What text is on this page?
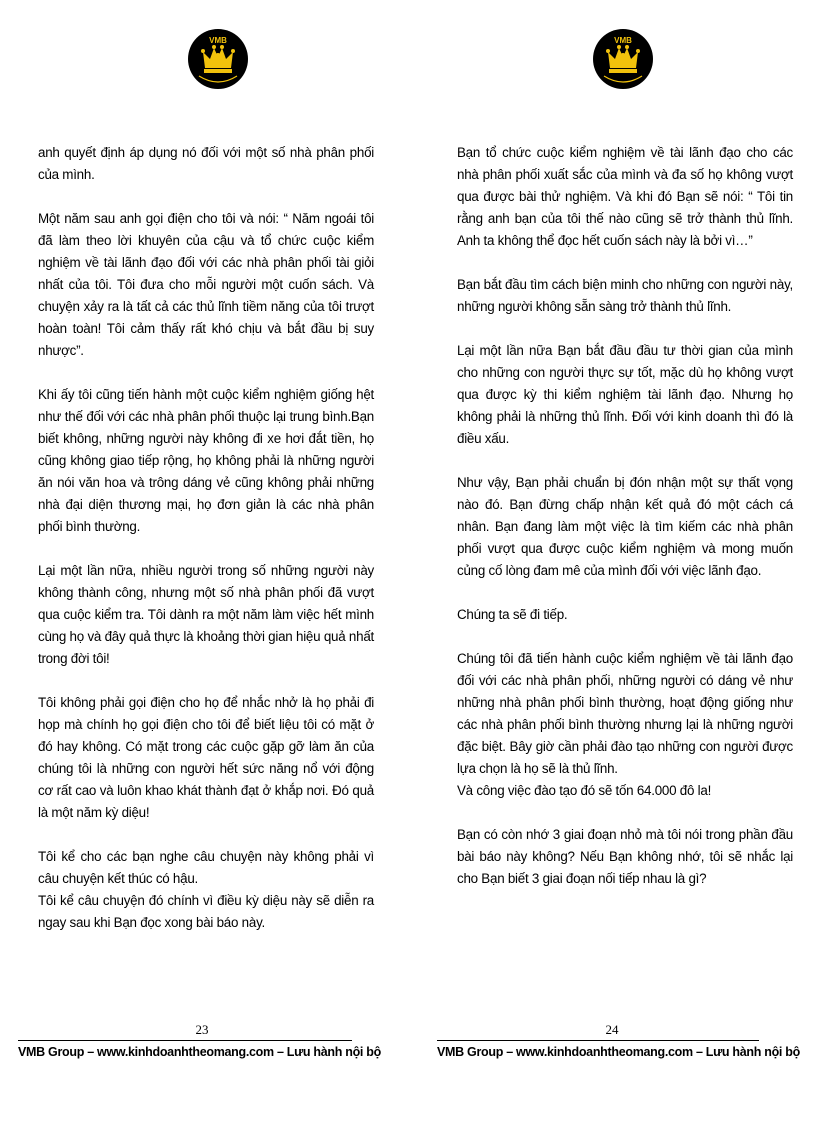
VMB

anh quyết định áp dụng nó đối với một số nhà phân phối của mình.

Một năm sau anh gọi điện cho tôi và nói: “ Năm ngoái tôi đã làm theo lời khuyên của cậu và tổ chức cuộc kiểm nghiệm về tài lãnh đạo đối với các nhà phân phối tài giỏi nhất của tôi. Tôi đưa cho mỗi người một cuốn sách. Và chuyện xảy ra là tất cả các thủ lĩnh tiềm năng của tôi trượt hoàn toàn! Tôi cảm thấy rất khó chịu và bắt đầu bị suy nhược”.

Khi ấy tôi cũng tiến hành một cuộc kiểm nghiệm giống hệt như thế đối với các nhà phân phối thuộc lại trung bình.Bạn biết không, những người này không đi xe hơi đắt tiền, họ cũng không giao tiếp rộng, họ không phải là những người ăn nói văn hoa và trông dáng vẻ cũng không phải những nhà đại diện thương mại, họ đơn giản là các nhà phân phối bình thường.

Lại một lần nữa, nhiều người trong số những người này không thành công, nhưng một số nhà phân phối đã vượt qua cuộc kiểm tra. Tôi dành ra một năm làm việc hết mình cùng họ và đây quả thực là khoảng thời gian hiệu quả nhất trong đời tôi!

Tôi không phải gọi điện cho họ để nhắc nhở là họ phải đi họp mà chính họ gọi điện cho tôi để biết liệu tôi có mặt ở đó hay không. Có mặt trong các cuộc gặp gỡ làm ăn của chúng tôi là những con người hết sức năng nổ với động cơ rất cao và luôn khao khát thành đạt ở khắp nơi. Đó quả là một năm kỳ diệu!

Tôi kể cho các bạn nghe câu chuyện này không phải vì câu chuyện kết thúc có hậu.

Tôi kể câu chuyện đó chính vì điều kỳ diệu này sẽ diễn ra ngay sau khi Bạn đọc xong bài báo này.

23
VMB Group – www.kinhdoanhtheomang.com – Lưu hành nội bộ
VMB

Bạn tổ chức cuộc kiểm nghiệm về tài lãnh đạo cho các nhà phân phối xuất sắc của mình và đa số họ không vượt qua được bài thử nghiệm. Và khi đó Bạn sẽ nói: “ Tôi tin rằng anh bạn của tôi thế nào cũng sẽ trở thành thủ lĩnh. Anh ta không thể đọc hết cuốn sách này là bởi vì…”

Bạn bắt đầu tìm cách biện minh cho những con người này, những người không sẵn sàng trở thành thủ lĩnh.

Lại một lần nữa Bạn bắt đầu đầu tư thời gian của mình cho những con người thực sự tốt, mặc dù họ không vượt qua được kỳ thi kiểm nghiệm tài lãnh đạo. Nhưng họ không phải là những thủ lĩnh. Đối với kinh doanh thì đó là điều xấu.

Như vậy, Bạn phải chuẩn bị đón nhận một sự thất vọng nào đó. Bạn đừng chấp nhận kết quả đó một cách cá nhân. Bạn đang làm một việc là tìm kiếm các nhà phân phối vượt qua được cuộc kiểm nghiệm và mong muốn củng cố lòng đam mê của mình đối với việc lãnh đạo.

Chúng ta sẽ đi tiếp.

Chúng tôi đã tiến hành cuộc kiểm nghiệm về tài lãnh đạo đối với các nhà phân phối, những người có dáng vẻ như những nhà phân phối bình thường, hoạt động giống như các nhà phân phối bình thường nhưng lại là những người đặc biệt. Bây giờ cần phải đào tạo những con người được lựa chọn là họ sẽ là thủ lĩnh.

Và công việc đào tạo đó sẽ tốn 64.000 đô la!

Bạn có còn nhớ 3 giai đoạn nhỏ mà tôi nói trong phần đầu bài báo này không? Nếu Bạn không nhớ, tôi sẽ nhắc lại cho Bạn biết 3 giai đoạn nối tiếp nhau là gì?

24
VMB Group – www.kinhdoanhtheomang.com – Lưu hành nội bộ
